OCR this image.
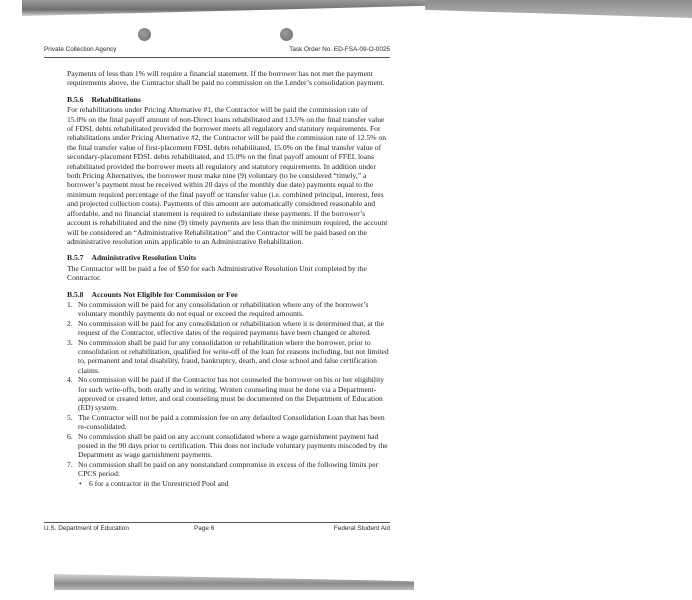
Private Collection Agency	Task Order No. ED-FSA-09-O-0025

Payments of less than 1% will require a financial statement. If the borrower has not met the payment requirements above, the Contractor shall be paid no commission on the Lender’s consolidation payment.

B.5.6 Rehabilitations

For rehabilitations under Pricing Alternative #1, the Contractor will be paid the commission rate of 15.0% on the final payoff amount of non-Direct loans rehabilitated and 13.5% on the final transfer value of FDSL debts rehabilitated provided the borrower meets all regulatory and statutory requirements. For rehabilitations under Pricing Alternative #2, the Contractor will be paid the commission rate of 12.5% on the final transfer value of first-placement FDSL debts rehabilitated, 15.0% on the final transfer value of secondary-placement FDSL debts rehabilitated, and 15.0% on the final payoff amount of FFEL loans rehabilitated provided the borrower meets all regulatory and statutory requirements. In addition under both Pricing Alternatives, the borrower must make nine (9) voluntary (to be considered “timely,” a borrower’s payment must be received within 20 days of the monthly due date) payments equal to the minimum required percentage of the final payoff or transfer value (i.e. combined principal, interest, fees and projected collection costs). Payments of this amount are automatically considered reasonable and affordable, and no financial statement is required to substantiate these payments. If the borrower’s account is rehabilitated and the nine (9) timely payments are less than the minimum required, the account will be considered an “Administrative Rehabilitation” and the Contractor will be paid based on the administrative resolution units applicable to an Administrative Rehabilitation.

B.5.7 Administrative Resolution Units

The Contractor will be paid a fee of $50 for each Administrative Resolution Unit completed by the Contractor.

B.5.8 Accounts Not Eligible for Commission or Fee
1. No commission will be paid for any consolidation or rehabilitation where any of the borrower’s voluntary monthly payments do not equal or exceed the required amounts.
2. No commission will be paid for any consolidation or rehabilitation where it is determined that, at the request of the Contractor, effective dates of the required payments have been changed or altered.
3. No commission shall be paid for any consolidation or rehabilitation where the borrower, prior to consolidation or rehabilitation, qualified for write-off of the loan for reasons including, but not limited to, permanent and total disability, fraud, bankruptcy, death, and close school and false certification claims.
4. No commission will be paid if the Contractor has not counseled the borrower on his or her eligibility for such write-offs, both orally and in writing. Written counseling must be done via a Department-approved or created letter, and oral counseling must be documented on the Department of Education (ED) system.
5. The Contractor will not be paid a commission fee on any defaulted Consolidation Loan that has been re-consolidated.
6. No commission shall be paid on any account consolidated where a wage garnishment payment had posted in the 90 days prior to certification. This does not include voluntary payments miscoded by the Department as wage garnishment payments.
7. No commission shall be paid on any nonstandard compromise in excess of the following limits per CPCS period:
• 6 for a contractor in the Unrestricted Pool and
U.S. Department of Education	Page 6	Federal Student Aid
